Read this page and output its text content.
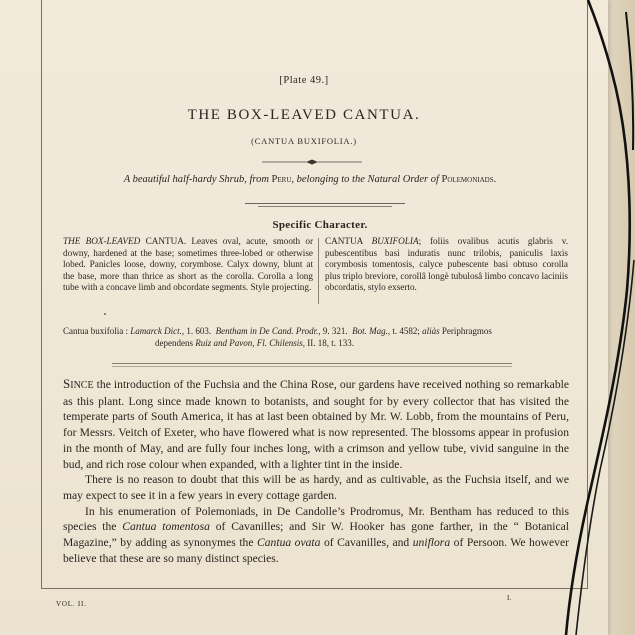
[Plate 49.]
THE BOX-LEAVED CANTUA.
(CANTUA BUXIFOLIA.)
A beautiful half-hardy Shrub, from Peru, belonging to the Natural Order of Polemoniads.
Specific Character.
THE BOX-LEAVED CANTUA. Leaves oval, acute, smooth or downy, hardened at the base; sometimes three-lobed or otherwise lobed. Panicles loose, downy, corymbose. Calyx downy, blunt at the base, more than thrice as short as the corolla. Corolla a long tube with a concave limb and obcordate segments. Style projecting.
CANTUA BUXIFOLIA; foliis ovalibus acutis glabris v. pubescentibus basi induratis nunc trilobis, paniculis laxis corymbosis tomentosis, calyce pubescente basi obtuso corolla plus triplo breviore, corollâ longè tubulosâ limbo concavo laciniis obcordatis, stylo exserto.
Cantua buxifolia : Lamarck Dict., 1. 603. Bentham in De Cand. Prodr., 9. 321. Bot. Mag., t. 4582; aliàs Periphragmos
dependens Ruiz and Pavon, Fl. Chilensis, II. 18, t. 133.

SINCE the introduction of the Fuchsia and the China Rose, our gardens have received nothing so remarkable as this plant. Long since made known to botanists, and sought for by every collector that has visited the temperate parts of South America, it has at last been obtained by Mr. W. Lobb, from the mountains of Peru, for Messrs. Veitch of Exeter, who have flowered what is now represented. The blossoms appear in profusion in the month of May, and are fully four inches long, with a crimson and yellow tube, vivid sanguine in the bud, and rich rose colour when expanded, with a lighter tint in the inside.

There is no reason to doubt that this will be as hardy, and as cultivable, as the Fuchsia itself, and we may expect to see it in a few years in every cottage garden.

In his enumeration of Polemoniads, in De Candolle’s Prodromus, Mr. Bentham has reduced to this species the Cantua tomentosa of Cavanilles; and Sir W. Hooker has gone farther, in the “ Botanical Magazine,” by adding as synonymes the Cantua ovata of Cavanilles, and uniflora of Persoon. We however believe that these are so many distinct species.

VOL. II.
I.
